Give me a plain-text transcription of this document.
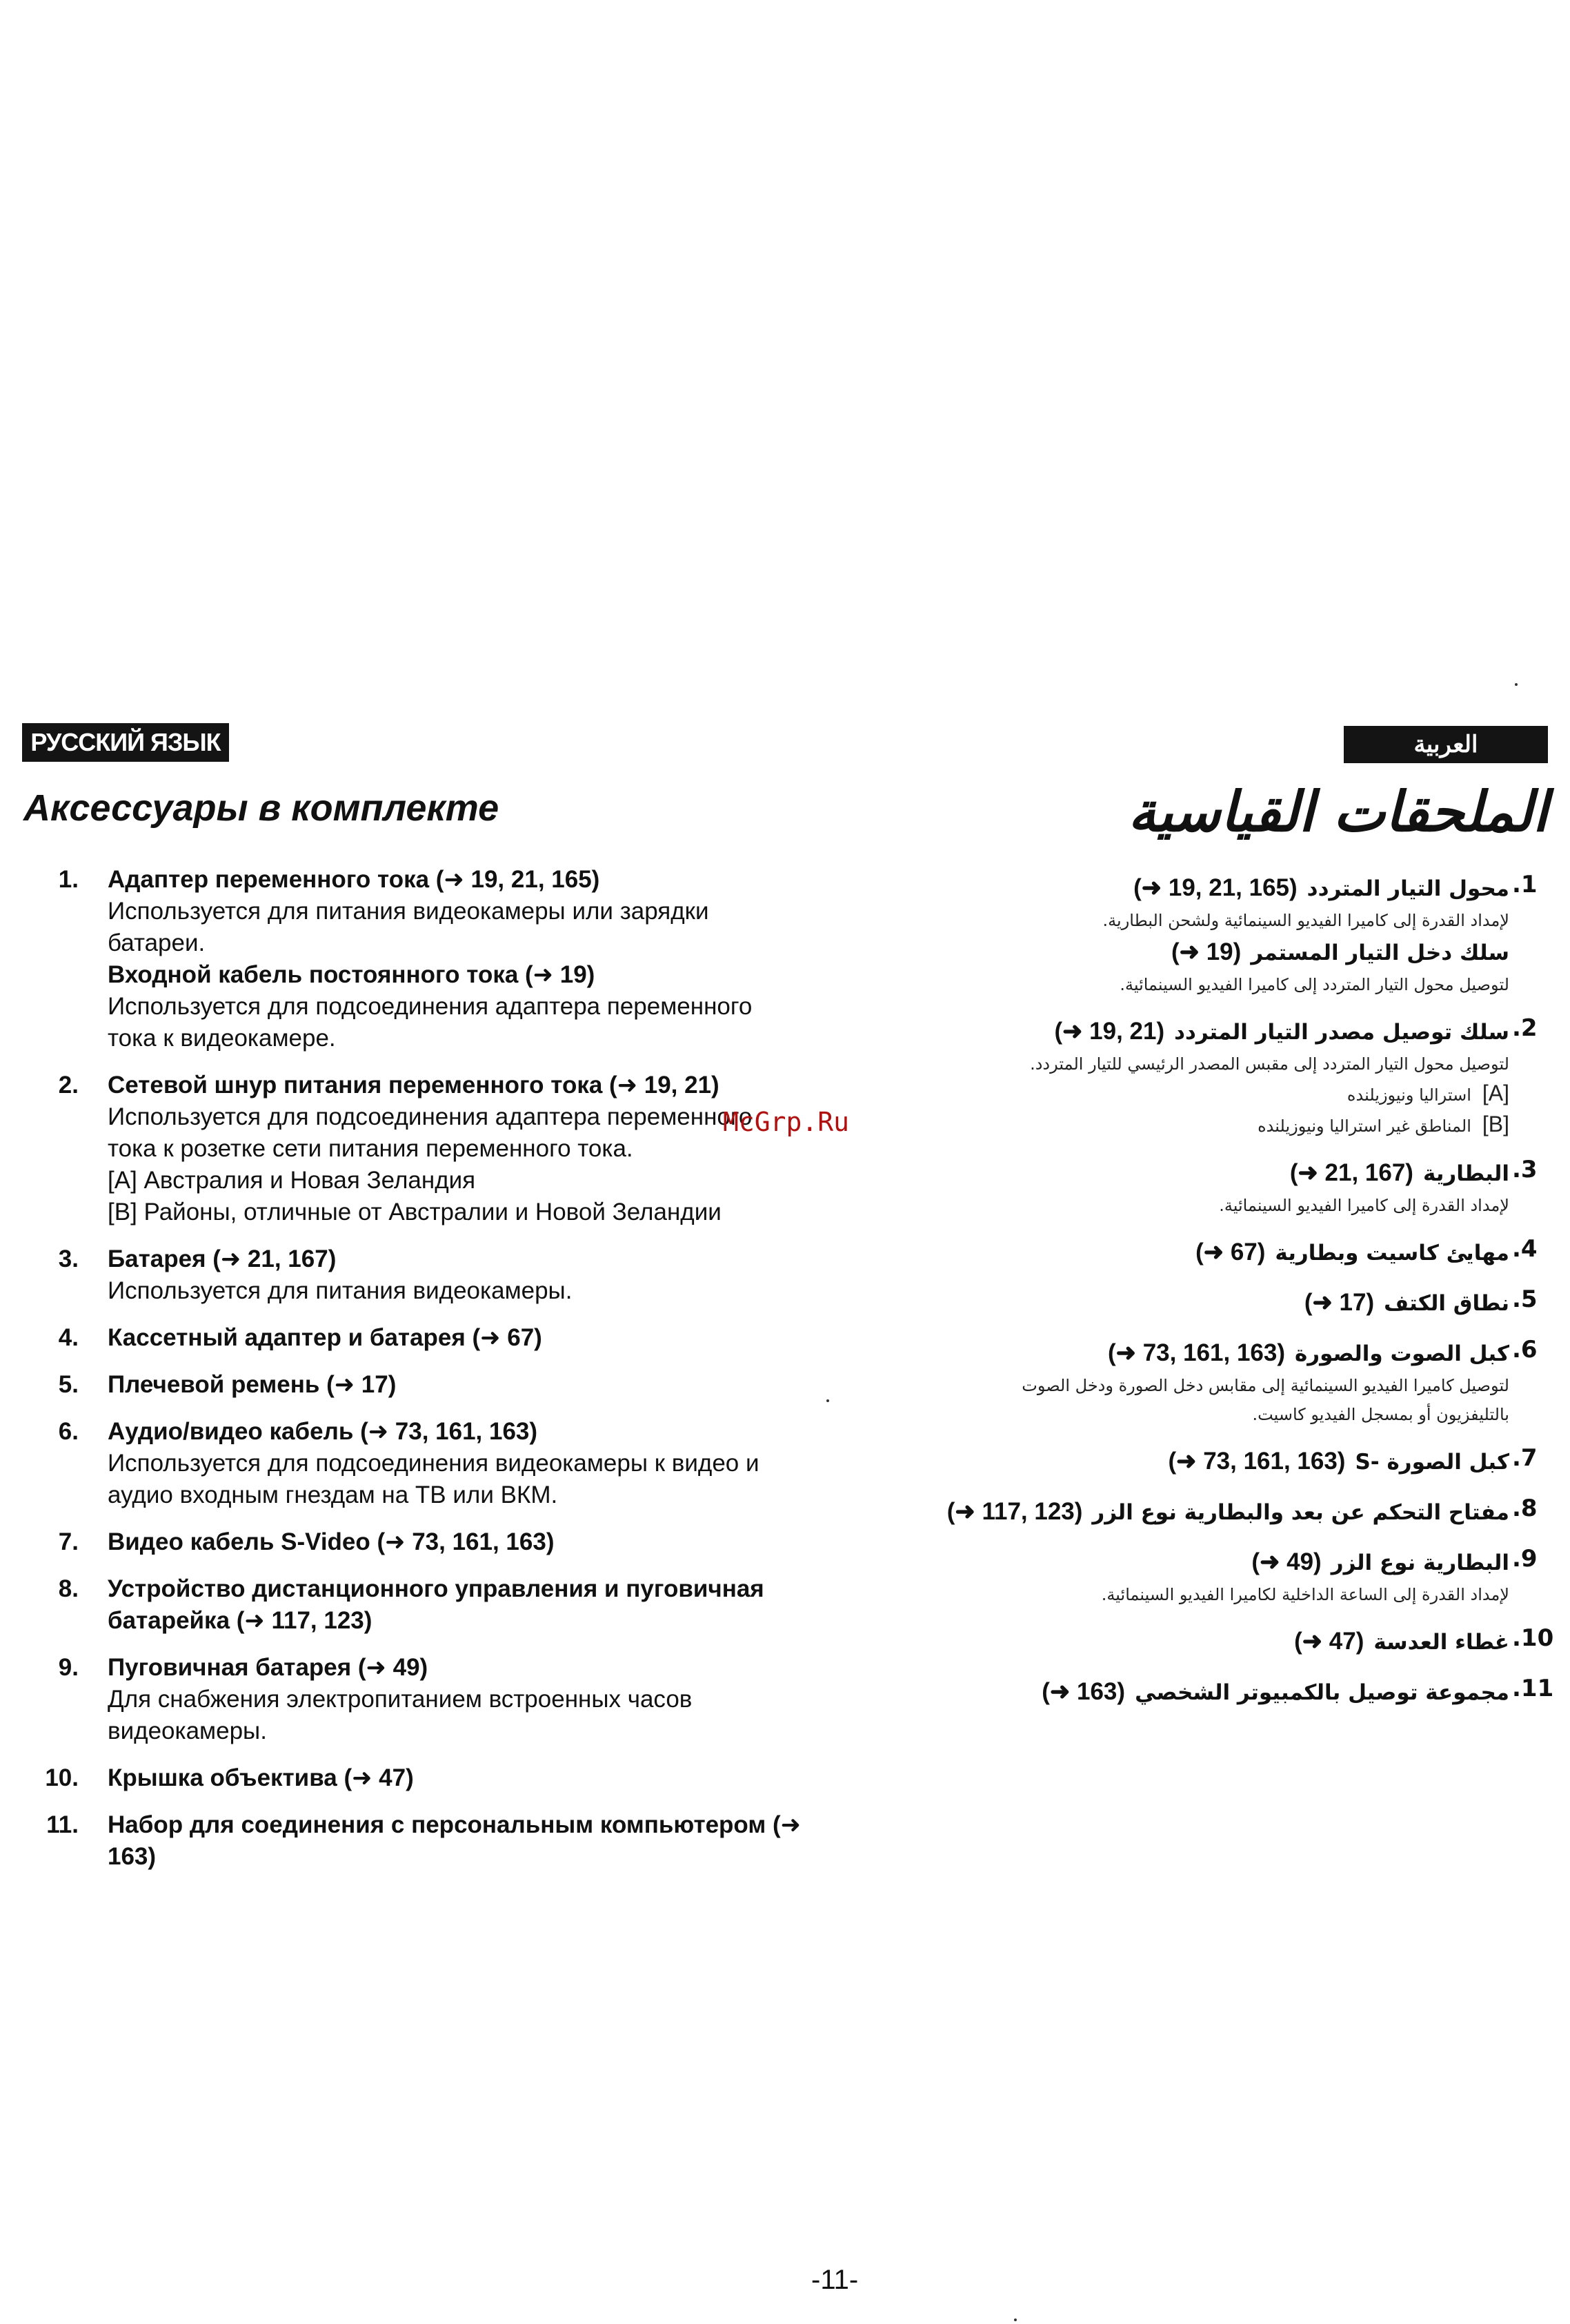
РУССКИЙ ЯЗЫК	العربية
Аксессуары в комплекте	الملحقات القياسية
1.	Адаптер переменного тока (➜ 19, 21, 165)
Используется для питания видеокамеры или зарядки
батареи.
Входной кабель постоянного тока (➜ 19)
Используется для подсоединения адаптера переменного
тока к видеокамере.
2.	Сетевой шнур питания переменного тока (➜ 19, 21)
Используется для подсоединения адаптера переменного
тока к розетке сети питания переменного тока.
[A] Австралия и Новая Зеландия
[B] Районы, отличные от Австралии и Новой Зеландии
3.	Батарея (➜ 21, 167)
Используется для питания видеокамеры.
4.	Кассетный адаптер и батарея (➜ 67)
5.	Плечевой ремень (➜ 17)
6.	Аудио/видео кабель (➜ 73, 161, 163)
Используется для подсоединения видеокамеры к видео и
аудио входным гнездам на ТВ или ВКМ.
7.	Видео кабель S-Video (➜ 73, 161, 163)
8.	Устройство дистанционного управления и пуговичная батарейка (➜ 117, 123)
9.	Пуговичная батарея (➜ 49)
Для снабжения электропитанием встроенных часов
видеокамеры.
10.	Крышка объектива (➜ 47)
11.	Набор для соединения с персональным компьютером (➜ 163)
.1
محول التيار المتردد(➜ 19, 21, 165)
لإمداد القدرة إلى كاميرا الفيديو السينمائية ولشحن البطارية.
سلك دخل التيار المستمر(➜ 19)
لتوصيل محول التيار المتردد إلى كاميرا الفيديو السينمائية.
.2
سلك توصيل مصدر التيار المتردد(➜ 19, 21)
لتوصيل محول التيار المتردد إلى مقبس المصدر الرئيسي للتيار المتردد.
[A]استراليا ونيوزيلنده
[B]المناطق غير استراليا ونيوزيلنده
.3
البطارية(➜ 21, 167)
لإمداد القدرة إلى كاميرا الفيديو السينمائية.
.4
مهايئ كاسيت وبطارية(➜ 67)
.5
نطاق الكتف(➜ 17)
.6
كبل الصوت والصورة(➜ 73, 161, 163)
لتوصيل كاميرا الفيديو السينمائية إلى مقابس دخل الصورة ودخل الصوت
بالتليفزيون أو بمسجل الفيديو كاسيت.
.7
كبل الصورة -S(➜ 73, 161, 163)
.8
مفتاح التحكم عن بعد والبطارية نوع الزر(➜ 117, 123)
.9
البطارية نوع الزر(➜ 49)
لإمداد القدرة إلى الساعة الداخلية لكاميرا الفيديو السينمائية.
.10
غطاء العدسة(➜ 47)
.11
مجموعة توصيل بالكمبيوتر الشخصي(➜ 163)
McGrp.Ru
-11-
